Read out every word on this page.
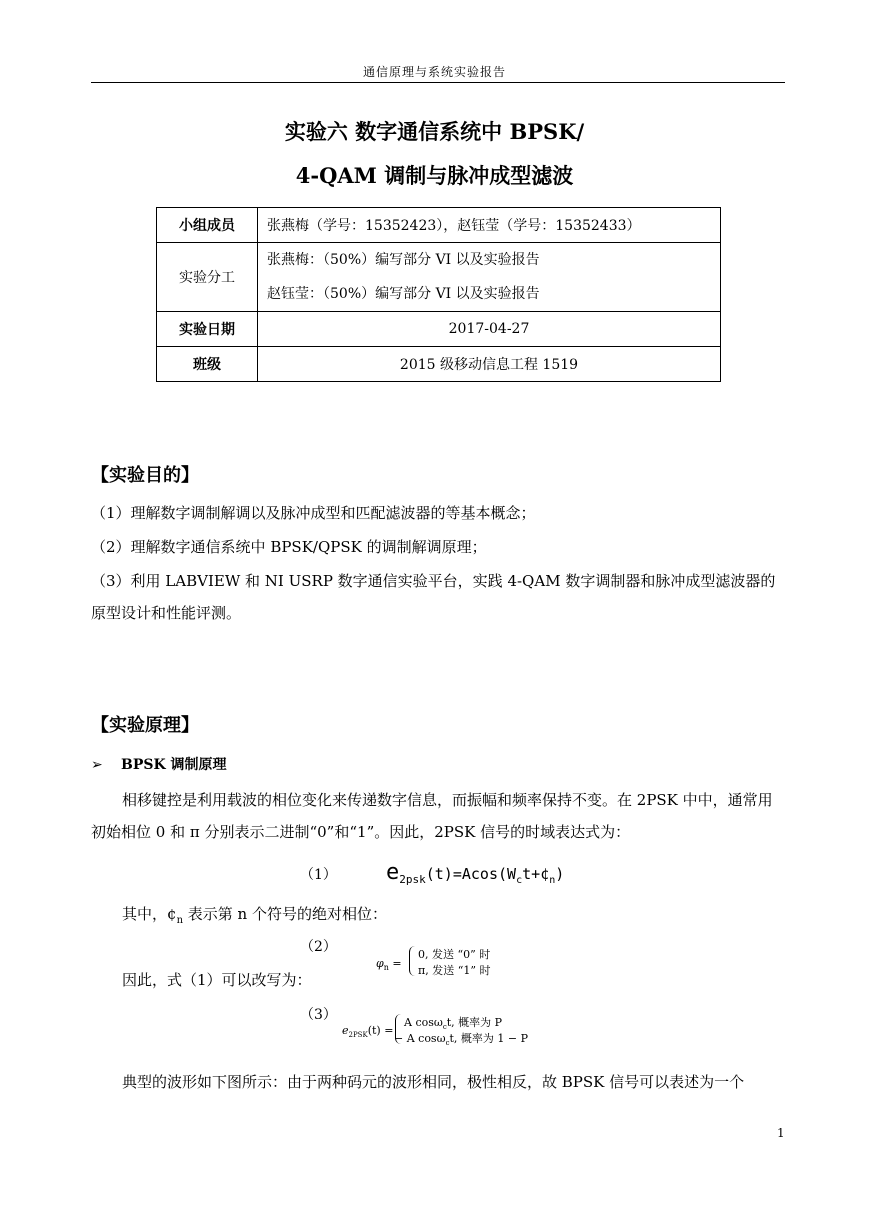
通信原理与系统实验报告
实验六 数字通信系统中 BPSK/
4-QAM 调制与脉冲成型滤波
小组成员	张燕梅（学号：15352423），赵钰莹（学号：15352433）
实验分工	张燕梅：（50%）编写部分 VI 以及实验报告
赵钰莹：（50%）编写部分 VI 以及实验报告

实验日期	2017-04-27
班级	2015 级移动信息工程 1519
【实验目的】
（1）理解数字调制解调以及脉冲成型和匹配滤波器的等基本概念；
（2）理解数字通信系统中 BPSK/QPSK 的调制解调原理；
（3）利用 LABVIEW 和 NI USRP 数字通信实验平台，实践 4-QAM 数字调制器和脉冲成型滤波器的原型设计和性能评测。
【实验原理】
➢ BPSK 调制原理
相移键控是利用载波的相位变化来传递数字信息，而振幅和频率保持不变。在 2PSK 中中，通常用初始相位 0 和 π 分别表示二进制“0”和“1”。因此，2PSK 信号的时域表达式为：
（1） $e_{2psk}(t)=Acos(W_ct+¢_n)$
其中，$¢_n$ 表示第 n 个符号的绝对相位：
（2）
$\varphi_n$ =
0, 发送 “0” 时
π, 发送 “1” 时
因此，式（1）可以改写为：
（3）
$e_{2PSK}(t)$ =
A cosω$_c$t, 概率为 P
− A cosω$_c$t, 概率为 1 − P
典型的波形如下图所示：由于两种码元的波形相同，极性相反，故 BPSK 信号可以表述为一个
1
